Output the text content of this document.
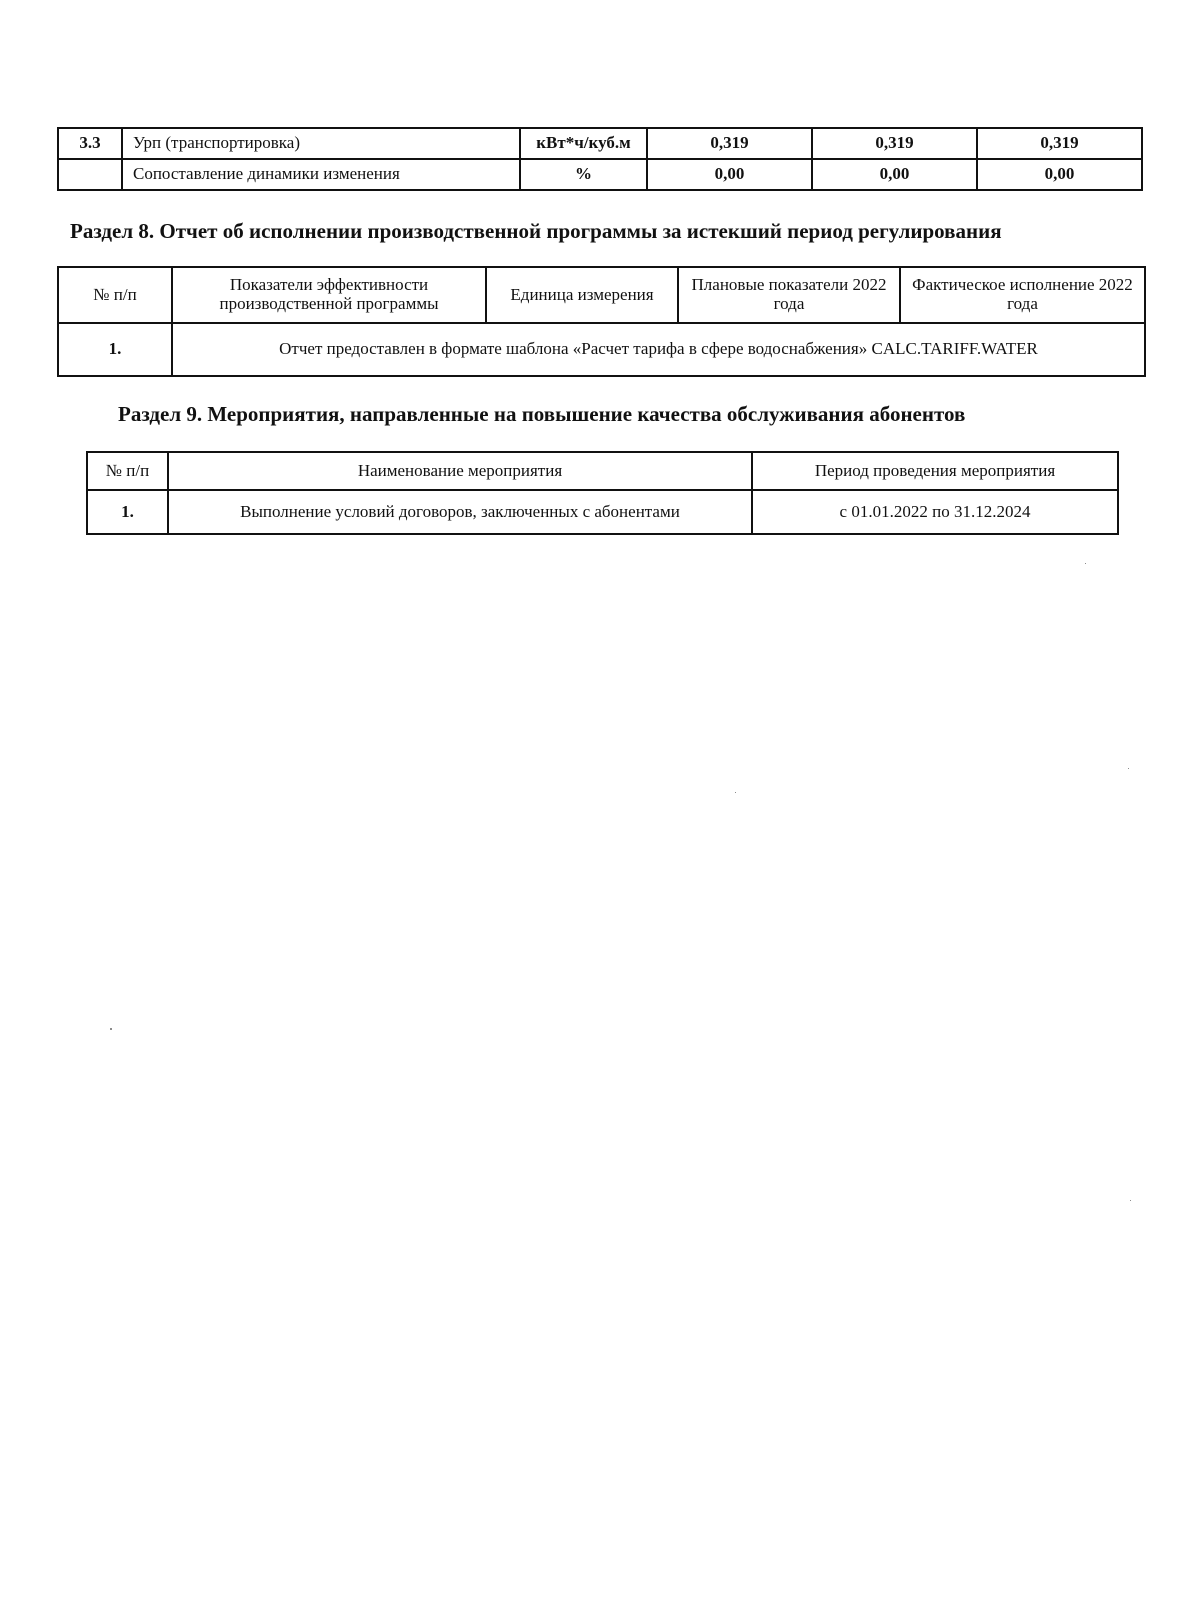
3.3	Урп (транспортировка)	кВт*ч/куб.м	0,319	0,319	0,319
	Сопоставление динамики изменения	%	0,00	0,00	0,00
Раздел 8. Отчет об исполнении производственной программы за истекший период регулирования
№ п/п	Показатели эффективности производственной программы	Единица измерения	Плановые показатели 2022 года	Фактическое исполнение 2022 года
1.	Отчет предоставлен в формате шаблона «Расчет тарифа в сфере водоснабжения» CALC.TARIFF.WATER			
Раздел 9. Мероприятия, направленные на повышение качества обслуживания абонентов
№ п/п	Наименование мероприятия	Период проведения мероприятия
1.	Выполнение условий договоров, заключенных с абонентами	с 01.01.2022 по 31.12.2024
